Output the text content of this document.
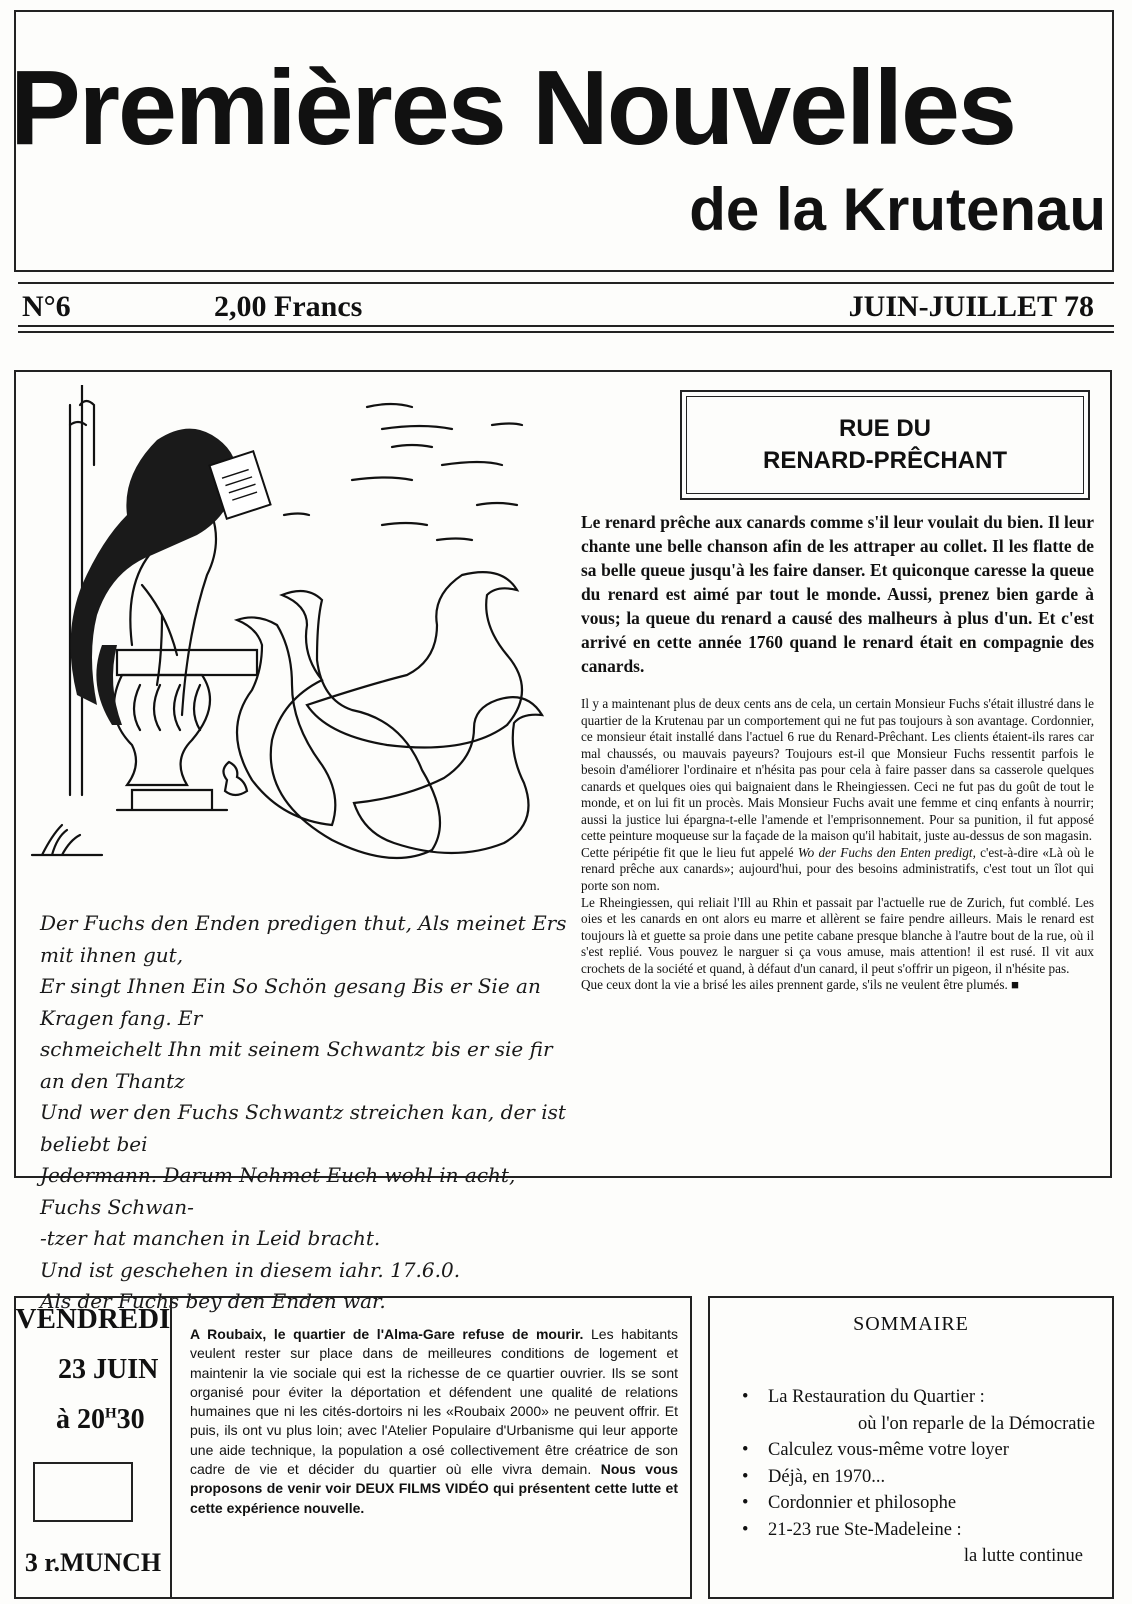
Premières Nouvelles
de la Krutenau
N°6	2,00 Francs	JUIN-JUILLET 78
RUE DU
RENARD-PRÊCHANT
Le renard prêche aux canards comme s'il leur voulait du bien. Il leur chante une belle chanson afin de les attraper au collet. Il les flatte de sa belle queue jusqu'à les faire danser. Et quiconque caresse la queue du renard est aimé par tout le monde. Aussi, prenez bien garde à vous; la queue du renard a causé des malheurs à plus d'un. Et c'est arrivé en cette année 1760 quand le renard était en compagnie des canards.

Il y a maintenant plus de deux cents ans de cela, un certain Monsieur Fuchs s'était illustré dans le quartier de la Krutenau par un comportement qui ne fut pas toujours à son avantage. Cordonnier, ce monsieur était installé dans l'actuel 6 rue du Renard-Prêchant. Les clients étaient-ils rares car mal chaussés, ou mauvais payeurs? Toujours est-il que Monsieur Fuchs ressentit parfois le besoin d'améliorer l'ordinaire et n'hésita pas pour cela à faire passer dans sa casserole quelques canards et quelques oies qui baignaient dans le Rheingiessen. Ceci ne fut pas du goût de tout le monde, et on lui fit un procès. Mais Monsieur Fuchs avait une femme et cinq enfants à nourrir; aussi la justice lui épargna-t-elle l'amende et l'emprisonnement. Pour sa punition, il fut apposé cette peinture moqueuse sur la façade de la maison qu'il habitait, juste au-dessus de son magasin.

Cette péripétie fit que le lieu fut appelé Wo der Fuchs den Enten predigt, c'est-à-dire «Là où le renard prêche aux canards»; aujourd'hui, pour des besoins administratifs, c'est tout un îlot qui porte son nom.

Le Rheingiessen, qui reliait l'Ill au Rhin et passait par l'actuelle rue de Zurich, fut comblé. Les oies et les canards en ont alors eu marre et allèrent se faire pendre ailleurs. Mais le renard est toujours là et guette sa proie dans une petite cabane presque blanche à l'autre bout de la rue, où il s'est replié. Vous pouvez le narguer si ça vous amuse, mais attention! il est rusé. Il vit aux crochets de la société et quand, à défaut d'un canard, il peut s'offrir un pigeon, il n'hésite pas.

Que ceux dont la vie a brisé les ailes prennent garde, s'ils ne veulent être plumés. ■

Der Fuchs den Enden predigen thut, Als meinet Ers mit ihnen gut,
Er singt Ihnen Ein So Schön gesang Bis er Sie an Kragen fang. Er
schmeichelt Ihn mit seinem Schwantz bis er sie fir an den Thantz
Und wer den Fuchs Schwantz streichen kan, der ist beliebt bei
Jedermann. Darum Nehmet Euch wohl in acht, Fuchs Schwan-
-tzer hat manchen in Leid bracht.
Und ist geschehen in diesem iahr. 17.6.0.
Als der Fuchs bey den Enden war.
VENDREDI
23 JUIN
à $20^H30$
3 r.MUNCH
A Roubaix, le quartier de l'Alma-Gare refuse de mourir. Les habitants veulent rester sur place dans de meilleures conditions de logement et maintenir la vie sociale qui est la richesse de ce quartier ouvrier. Ils se sont organisé pour éviter la déportation et défendent une qualité de relations humaines que ni les cités-dortoirs ni les «Roubaix 2000» ne peuvent offrir. Et puis, ils ont vu plus loin; avec l'Atelier Populaire d'Urbanisme qui leur apporte une aide technique, la population a osé collectivement être créatrice de son cadre de vie et décider du quartier où elle vivra demain. Nous vous proposons de venir voir DEUX FILMS VIDÉO qui présentent cette lutte et cette expérience nouvelle.
SOMMAIRE
• La Restauration du Quartier :
où l'on reparle de la Démocratie
• Calculez vous-même votre loyer
• Déjà, en 1970...
• Cordonnier et philosophe
• 21-23 rue Ste-Madeleine :
la lutte continue
